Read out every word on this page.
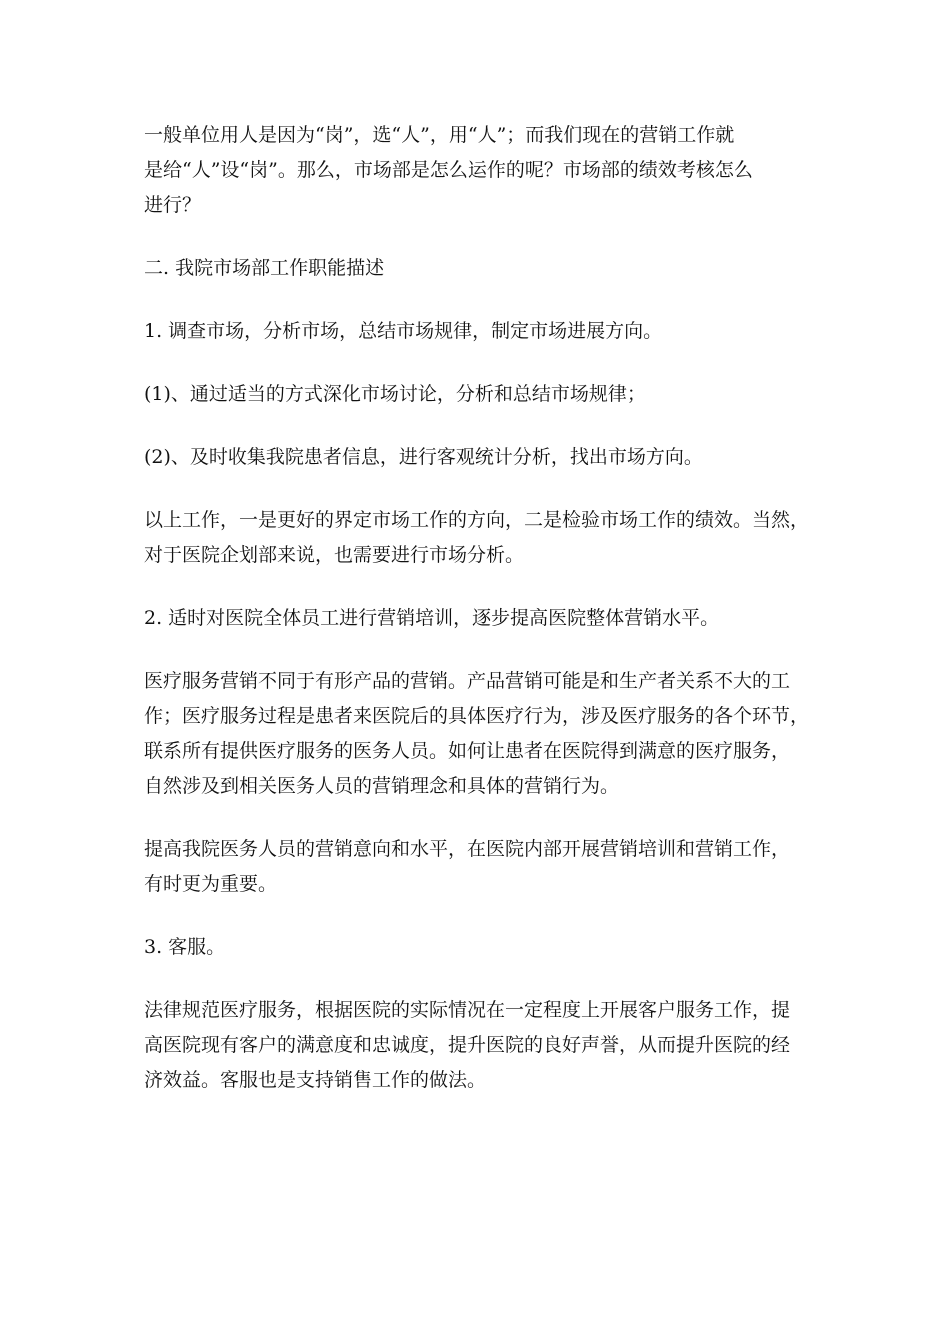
一般单位用人是因为“岗”，选“人”，用“人”；而我们现在的营销工作就
是给“人”设“岗”。那么，市场部是怎么运作的呢？市场部的绩效考核怎么
进行？

二. 我院市场部工作职能描述

1. 调查市场，分析市场，总结市场规律，制定市场进展方向。

(1)、通过适当的方式深化市场讨论，分析和总结市场规律；

(2)、及时收集我院患者信息，进行客观统计分析，找出市场方向。

以上工作，一是更好的界定市场工作的方向，二是检验市场工作的绩效。当然，
对于医院企划部来说，也需要进行市场分析。

2. 适时对医院全体员工进行营销培训，逐步提高医院整体营销水平。

医疗服务营销不同于有形产品的营销。产品营销可能是和生产者关系不大的工
作；医疗服务过程是患者来医院后的具体医疗行为，涉及医疗服务的各个环节，
联系所有提供医疗服务的医务人员。如何让患者在医院得到满意的医疗服务，
自然涉及到相关医务人员的营销理念和具体的营销行为。

提高我院医务人员的营销意向和水平，在医院内部开展营销培训和营销工作，
有时更为重要。

3. 客服。

法律规范医疗服务，根据医院的实际情况在一定程度上开展客户服务工作，提
高医院现有客户的满意度和忠诚度，提升医院的良好声誉，从而提升医院的经
济效益。客服也是支持销售工作的做法。
